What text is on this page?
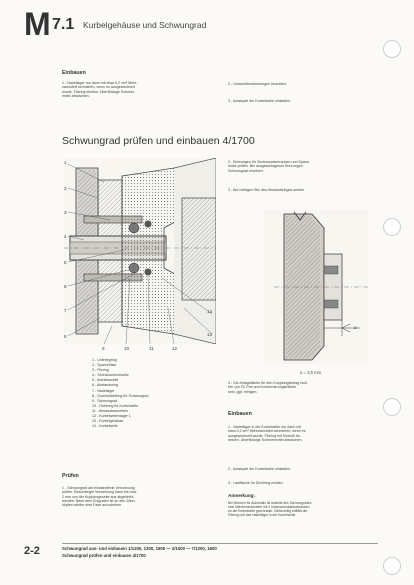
M 7.1 Kurbelgehäuse und Schwungrad
Einbauen
1 - Nadellager nur dann mit etwa 0,2 cm³ Mehr-
zweckfett schmieren, wenn es ausgewechselt
wurde. Filzring einölen. Überflüssige Schmier-
mittel abwischen.
2 - Umwuchtmarkierungen beachten.
3 - Axialspiel der Kurbelwelle einstellen.
Schwungrad prüfen und einbauen 4/1700
1
2
3
4
5
6
7
8
9	10	11	12
14
13
2 - Bohrungen für Sechskantschrauben und Spann-
hülse prüfen. Bei ausgeschlagenen Bohrungen
Schwungrad ersetzen.
3 - Auf richtigen Sitz des Abstandsringes achten.
a
a = 3,5 mm
4 - Die Anlagefläche für den Kupplungsbelag muß
frei von Öl, Fett und Konservierungsmitteln
sein, ggf. reinigen.
Einbauen
1 - Nadellager in der Kurbelwelle nur dann mit
etwa 0,2 cm³ Mehrzweckfett schmieren, wenn es
ausgewechselt wurde. Filzring mit Motoröl be-
netzen. Überflüssige Schmiermittel abwischen.
2 - Axialspiel der Kurbelwelle einstellen.
3 - Lauffläche für Dichtring einölen.
Anmerkung:
Bei Motoren für Automatic ist anstelle des Schwungrades
eine Mitnehmerscheibe mit 3 Innensechskantschrauben
an die Kurbelwelle geschraubt. Gleichzeitig entfällt der
Filzring und das Nadellager in der Kurbelwelle.
1 - Unterlegring
2 - Spannhülse
3 - Filzring
4 - Sechskantschraube
5 - Antriebswelle
6 - Abstandsring
7 - Nadellager
8 - Gummidichtring für Schwungrad
9 - Schwungrad
10 - Dichtring für Kurbelwelle
11 - Abstandsscheiben
12 - Kurbelwellenlager 1
13 - Kurbelgehäuse
14 - Kurbelwelle
Prüfen
1 - Schwungrad auf einwandfreie Verzahnung
prüfen. Beschädigte Verzahnung kann bis max.
2 mm von der Kupplungsseite aus abgedreht
werden. Nach dem Entgraten ist an den Zahn-
köpfen wieder eine Fase anzudrehen.
2-2	Schwungrad aus- und einbauen 1/1200, 1300, 1500 — 2/1600 — 7/1200, 1600
Schwungrad prüfen und einbauen 4/1700
